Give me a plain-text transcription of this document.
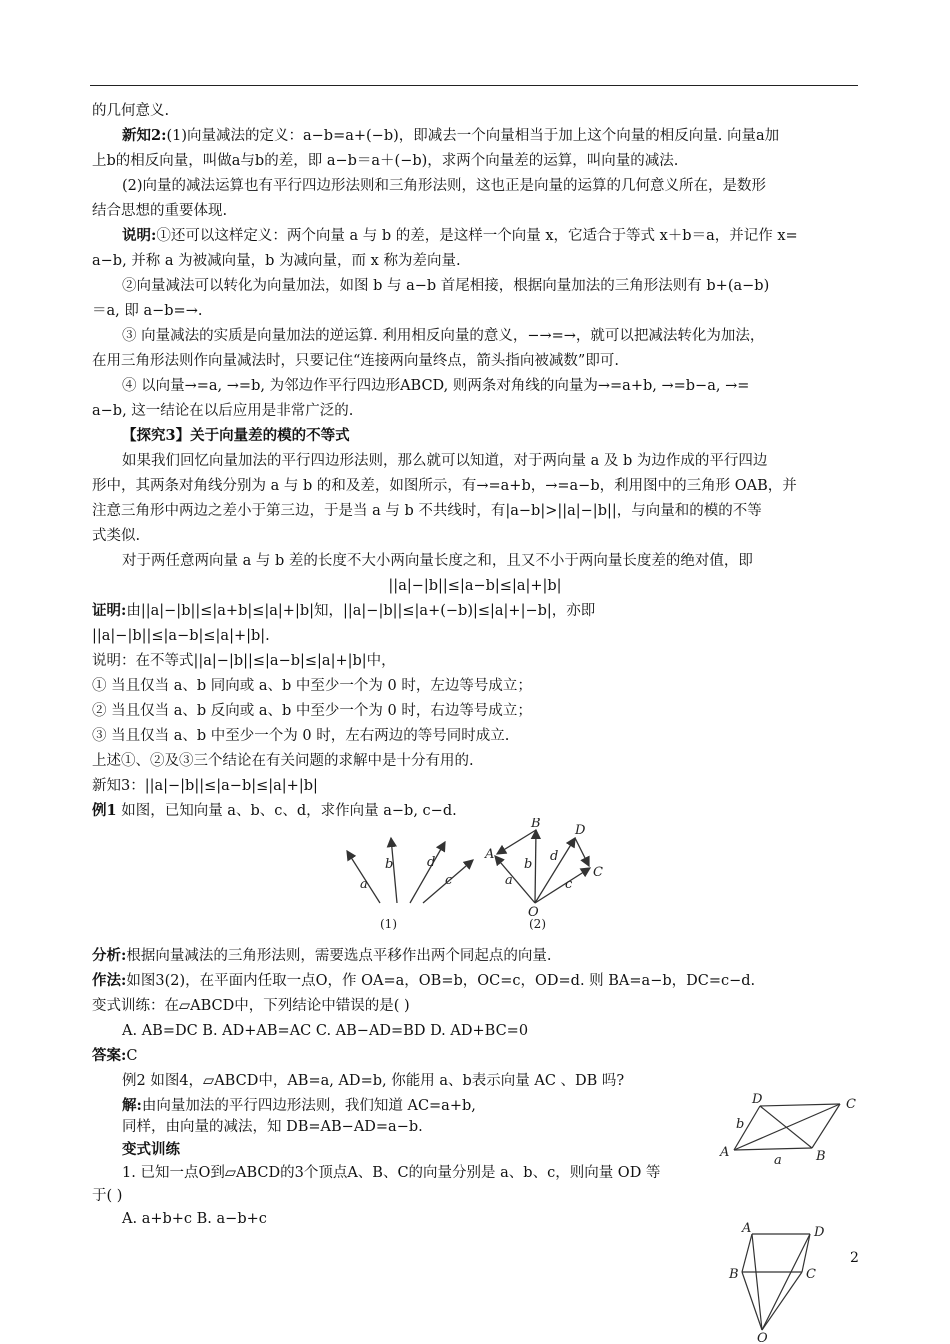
的几何意义.
新知2:(1)向量减法的定义：a−b=a+(−b)，即减去一个向量相当于加上这个向量的相反向量. 向量a加
上b的相反向量，叫做a与b的差，即 a−b＝a＋(−b)，求两个向量差的运算，叫向量的减法.
(2)向量的减法运算也有平行四边形法则和三角形法则，这也正是向量的运算的几何意义所在，是数形
结合思想的重要体现.
说明:①还可以这样定义：两个向量 a 与 b 的差，是这样一个向量 x，它适合于等式 x＋b＝a，并记作 x=
a−b, 并称 a 为被减向量，b 为减向量，而 x 称为差向量.
②向量减法可以转化为向量加法，如图 b 与 a−b 首尾相接，根据向量加法的三角形法则有 b+(a−b)
＝a, 即 a−b=→.
③ 向量减法的实质是向量加法的逆运算. 利用相反向量的意义，−→=→，就可以把减法转化为加法，
在用三角形法则作向量减法时，只要记住“连接两向量终点，箭头指向被减数”即可.
④ 以向量→=a, →=b, 为邻边作平行四边形ABCD, 则两条对角线的向量为→=a+b, →=b−a, →=
a−b, 这一结论在以后应用是非常广泛的.
【探究3】关于向量差的模的不等式
如果我们回忆向量加法的平行四边形法则，那么就可以知道，对于两向量 a 及 b 为边作成的平行四边
形中，其两条对角线分别为 a 与 b 的和及差，如图所示，有→=a+b，→=a−b，利用图中的三角形 OAB，并
注意三角形中两边之差小于第三边，于是当 a 与 b 不共线时，有|a−b|>||a|−|b||，与向量和的模的不等
式类似.
对于两任意两向量 a 与 b 差的长度不大小两向量长度之和，且又不小于两向量长度差的绝对值，即
||a|−|b||≤|a−b|≤|a|+|b|
证明:由||a|−|b||≤|a+b|≤|a|+|b|知，||a|−|b||≤|a+(−b)|≤|a|+|−b|，亦即
||a|−|b||≤|a−b|≤|a|+|b|.
说明：在不等式||a|−|b||≤|a−b|≤|a|+|b|中，
① 当且仅当 a、b 同向或 a、b 中至少一个为 0 时，左边等号成立；
② 当且仅当 a、b 反向或 a、b 中至少一个为 0 时，右边等号成立；
③ 当且仅当 a、b 中至少一个为 0 时，左右两边的等号同时成立.
上述①、②及③三个结论在有关问题的求解中是十分有用的.
新知3：||a|−|b||≤|a−b|≤|a|+|b|
例1 如图，已知向量 a、b、c、d，求作向量 a−b, c−d.
a
b	d
c
(1)
B	D
A
b
d
a	c
C
O
(2)
分析:根据向量减法的三角形法则，需要选点平移作出两个同起点的向量.
作法:如图3(2)，在平面内任取一点O，作 OA=a，OB=b，OC=c，OD=d. 则 BA=a−b，DC=c−d.
变式训练：在▱ABCD中，下列结论中错误的是( )
A. AB=DC B. AD+AB=AC C. AB−AD=BD D. AD+BC=0
答案:C
例2 如图4，▱ABCD中，AB=a, AD=b, 你能用 a、b表示向量 AC 、DB 吗?
解:由向量加法的平行四边形法则，我们知道 AC=a+b,
同样，由向量的减法，知 DB=AB−AD=a−b.
变式训练
1. 已知一点O到▱ABCD的3个顶点A、B、C的向量分别是 a、b、c，则向量 OD 等
于( )
A. a+b+c B. a−b+c
D	C
b
A
a	B
A	D
B	C
O
2
